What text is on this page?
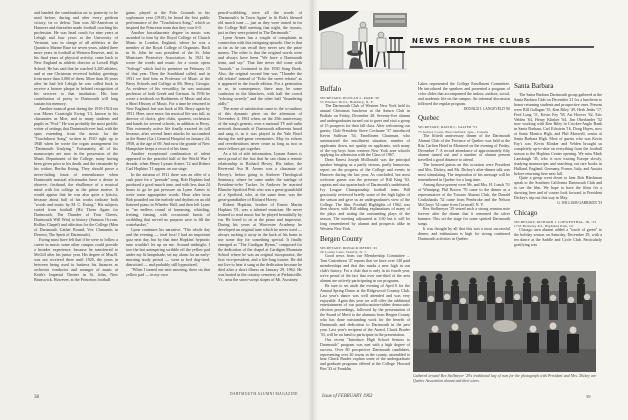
and handed the combination on to posterity to be used before, during and after every gridiron victory, tie or defeat. Tom was All-American at Hanover and thereafter made football coaching his profession. He was head coach for nine years at Lehigh and four years at the University of Vermont, was in charge of all athletics at the Quantico Marine Base for seven years, added three more years in football at Western Reserve, and, in his final years of physical activity, came back to New England as athletic director at Lowell High School. He has said that he coached 3,200 athletes, and at one Christmas received holiday greetings from more than 3,000 of them. More than 36 years after he had left Lehigh he was called back to receive a bronze plaque in belated recognition of his services to that institution. His lone contribution of poesy to Dartmouth will long sustain his memory.

Another musical great during the 1910-1914 era was Moses Courtright Ewing '13, known to his classmates as Moe, and to many students and pupils as "Prof." He was probably the most prolific writer of settings that Dartmouth ever had, with the span extending from the music for the "Touchdown Song" written in 1910 right up to 1940 when he wrote the organ arrangement for "Dartmouth Undying." Fortunately, all of his manuscripts are now in the possession of the Music Department of the College, many having been given prior to his death, and the remainder by his widow, Bertha Ewing. They should prove a never-failing fount of remembrance when Dartmouth musical aficionados have a desire to observe, firsthand, the ebullience of a musical mind with his college as the prime motive. It would appear that he was also quite a lyricist, because about half of his works indicate both "words and music by M. C. Ewing." His subjects varied from football (Hit Them Again for Dartmouth, The Thunder of Your Cheers, Dartmouth Will Win) to history (Samson Occom, Rollins Chapel) and affection for the College (Men of Dartmouth Gather Round, Vox Clamantis in Deserto, The Spirit of Dartmouth).

Ewing must have felt that if he were to follow a career in music some other campus could provide a broader experience, because he transferred to McGill after his junior year. His degree of Mus.B. was not received there until 1920, the years in between being used to buttress his finances as orchestra conductor and arranger of music at Keith's Imperial Theater in St. John, New Brunswick. However, at the Princeton football

game, played at the Polo Grounds in his sophomore year (1910), he heard the first public performance of the "Touchdown Song," which so inspired the Princeton team that they won 6-0.

Another baccalaureate degree in music was awarded to him by the Royal College of Church Music in London, England, where he was a member of the Royal College of Organists. Back in St. John he was president of the St. John Musicians Protective Association. In 1921 he wrote the words and music for a comic opera "Salvagi" which had its premiere on February 15 of that year. Then the Southland called, and in 1931 we find him as Professor of Music at the Berry Schools and College at Mt. Berry, Georgia. As evidence of his versatility, he was assistant professor of both Greek and German. In 1936 he wrote a textbook on Rudiments of Music and also a Short History of Music. For a time he returned to New England, but was back at Mt. Berry again by 1951. Here, once more, his musical life was full, as director of choirs, glee clubs, quartets, orchestras and bands for several schools, in addition to Berry. This extremely active life finally exacted its toll because, after several heart attacks he succumbed in the Rome (Ga.) General Hospital on January 24, 1958, at the age of 69. And now the granite of New Hampshire keeps a record of his fame.

Another exceptional combination of talent appeared in the peaceful half of the World War I decade, when Henry Lyman Armes '12 and Robert Carl Hopkins '11 appear on our stage.

In the autumn of 1911 there was an offer of a cash prize for a "peerade" song. Bob Hopkins had produced a good march tune, and with less than 24 hours to go he put pressure on Lyme Armes to write some appropriate words. Hour after hour Bob pounded out the melody and rhythm on an old battered piano in Wheeler Hall, and then left Lyme to "an endless round of humming, whistling, fretting, fuming, with occasional bursts of scribbling that served no purpose save to fill the wastebasket."

Lyme continues his narrative: "The whole day and the evening — total loss! I had an important quiz next day, but by that time Hopkins' hypnotic tune wouldn't let up on me. Around midnight, I tore the last uninspiring scribble off the yellow pad under my lit lampshade, set my alarm for an early-morning study period — went to bed dog-tired, dimwitted — and probably still hypnotized.

"When I turned out next morning, there on that yellow pad — in my own

pencil-scribbling, were all the words of 'Dartmouth's In Town Again' to fit Bob's blessed old march tune — just as they were turned in for the College Hall meeting that night, the tryouts, just as they were printed in The Dartmouth."

Lyme Armes has a couple of complaints in connection with this intriguing episode. One is that as far as he can recall they never saw the prize money. The other is that the original words were and always have been "We have a Dartmouth team, and say." That line never did come with "hoorah," as footnoted in the 1930 Song Book. Also, the original second line was "Thunder the old refrain" instead of "Echo the sweet refrain" as it appeared in the fourth edition. For a generation or so, in consequence, there may be some confusion in the bleachers, with half the crowd "echoing sweetly" and the other half "thundering oldly."

The acme of satisfaction came to the co-authors of this dynamic piece on the afternoon of November 4, 1961 when, on the 25th anniversary of the song's genesis, over a national TV and radio network thousands of Dartmouth adherents heard and sang it, as it was played in the Yale Bowl during the mid-game ceremonies. May its echoes and reverberations never cease as long as two or more fellows get together.

As a bit of side information, Lyman Armes is most proud of the fact that he can claim a remote relationship to Richard Hovey. His father, the Reverend Asa H. Armes was a classmate of Hovey's, before going to Andover Theological Seminary, where he came under the tutelage of President-to-be Tucker. In Andover he married Blanche Spofford Petit who was a great-grandchild of a Spofford, who, at the same time, was the great-grandfather of Richard Hovey.

Robert Hopkins, brother of Ernest Martin Hopkins '01, was a talented musician. He never learned to read music but he played beautifully by ear. He loved to sit at the piano and improvise. During his years at Worcester Academy he developed an original tune which he never used — always tucking it away in the back of his brain to use some day for something special. It finally emerged as "The Cardigan Hymn," composed for the dedication of the chapel at Cardigan Mountain School where he was an original incorporator, the first vice-president, and a life-long trustee. He did not live to hear it sung at the dedication because he died after a short illness on January 29, 1962. He was buried in the country cemetery at Perkinsville, Vt., near the snow-swept slopes of Mt. Ascutney.

38
DARTMOUTH ALUMNI MAGAZINE
NEWS FROM THE CLUBS

Buffalo

SECRETARY, DUNCAN L. PARK '39

53 Windsor Drive, Hamburg, N. Y.

The Dartmouth Club of Western New York held its annual Christmas luncheon at the Saturn Club in Buffalo on Friday, December 28. Seventy-five alumni and undergraduates turned out to greet and visit a group of 15 prospects for their fall class. After welcoming our guests, Club President Steve Cochrane '37 introduced Kevin Sullivan '54, Enrollment Chairman, who summarized the enrollment situation: number of applicants down, not quality on applicants, with many of the top boys from western New York area schools applying for admission with the Class of 1967.

Dean Ernest Joseph McDonald was the principal speaker bringing us a partly serious, partly humorous, report on the progress of the College and events in Hanover during the last year. As concluded, but most welcome guests was the presence of Bill King '63, captain and star quarterback of Dartmouth's undefeated, Ivy League Championship football team. Bill graciously reviewed briefly some of the high lights of the season and gave us an undergraduate's view of the College. The film, Football Highlights of 1962, was then shown, with Bill adding explanations of many of the plays and noting the outstanding plays of the season. The meeting adjourned at 3:30 but it will be long remembered by alumni and prospects alike in Western New York.

Bergen County

SECRETARY, DONALD MEERS '45

29 Louise Lane, Tenafly, N. J.

Good news from our Membership Committee ... Tom Castonhorn '47 reports that we have over 140 paid memberships and that this marks a new high in our club's history. For a club that is only in its fourth year, we're proud of the fact that over one-third of the area alumni are actively participating in our programs.

Be sure to set aside the evening of April 6 for the Annual Spring Dance at the Ridgewood Country Club. Last year's dance was well attended and was very enjoyable. Again this year we will offer the additional entertainment of our postdiscussion-ridden democratic election proceedings, followed by the presentation of the Award of Merit to the alumnus from Bergen County who has done outstanding work for the benefit of Dartmouth and dedication to Dartmouth in the past year. Last year's recipient of the Award, Chuck Bruder '33, will be on hand to participate in the presentation.

Our recent "Introduce High School Seniors to Dartmouth" program was met with a high degree of success. Over 80 prospective Dartmouth candidates, representing over 20 towns in the county, assembled to hear Chuck Bruder explain some of the undergraduate and graduate programs offered at the College. Howard Pim '33 of Franklin

Lakes represented the College Enrollment Committee. He introduced the speakers and presented a program of color slides that accompanied the indoor, outdoor, social, and academic life on the campus. An informal discussion followed the regular program.

DONALD J. LANGEVELD '60

Quebec

SECRETARY, DAVID C. SALTER '53

75 Gables Court, Beaconsfield, Que., Canada

The fiftieth anniversary dinner of the Dartmouth Alumni Club of the Province of Quebec was held at the Ritz Carlton Hotel in Montreal on the evening of Friday, December 7. A record attendance of approximately fifty alumni turned out and a number of alumni present travelled a good distance to attend.

The honored guests on this occasion were President and Mrs. Dickey, and Mr. Dickey's after-dinner talk was most stimulating. The inspiration of his message will be remembered in Quebec for a long time.

Among those present were Mr. and Mrs. H. Lunch '51 of Winnipeg; Phil Brown '70 came to the dinner as a representative of the Toronto Alumni Club; the Donald Cruikshanks '32 came from Pembroke and the Nelson McClarys '34 came from Cornwall, N. Y.

Rex Stollmeyer '29 seized such a strong reunion note forever after the dinner that it cemented the silver banners. This set the stage for some spirited Dartmouth songs.

It was thought by all that this was a most successful dinner, and enthusiasm is high for strong continued Dartmouth activities in Quebec.

Santa Barbara

The Santa Barbara Dartmouth group gathered at the Santa Barbara Club on December 21 for a luncheon to honor returning students and prospective ones. Present were Bill Gallagan '35, Ken Riley '49, Herb Jenks '17, Fred Long '11, Kevin Fay '58, Art Hoover '62, Eric Velden '64, Henry Klinker '64, Jim Oberlander '52 now working with Ken Riley in Crocker-Anglo Bank in Santa Barbara, Carl Eckstein '16, Doug Hayes, now at Santa Monica High, and Phil Maxwell, senior at Santa Barbara High. Most of guests who was Kevin Fay's son. Kevin Klinker and Velden brought us completely up-to-date on everything from the football season to the Hopkins Center opening. We miss Mark Lansburgh '45, who is now touring Europe slowly, studying manuscripts and searching out rare books in Holland, England, Germany, France, Italy, and Austria before returning here next fall.

Quite a group went down to hear Bob Blackman speak to the Southern California Dartmouth Club and to see the film. We hope to have the films for a showing here and of course look forward to President Dickey's trip out this way in May.

G. WILLIAM GARRISON '33

Chicago

SECRETARY, RICHARD J. LOEWENTHAL, JR. '53

1733 Berkeley Rd., Highland Park, Ill.

Chicago area alumni added a "touch of green" to the holiday season on Saturday, December 29, with a tea dance at the Saddle and Cycle Club. Particularly gratifying was

Gathered around Rex Stollmeyer '29's traditional keg of rum for the photograph with President and Mrs. Dickey are Quebec Association alumni and their wives.
Issue of FEBRUARY 1963	39
